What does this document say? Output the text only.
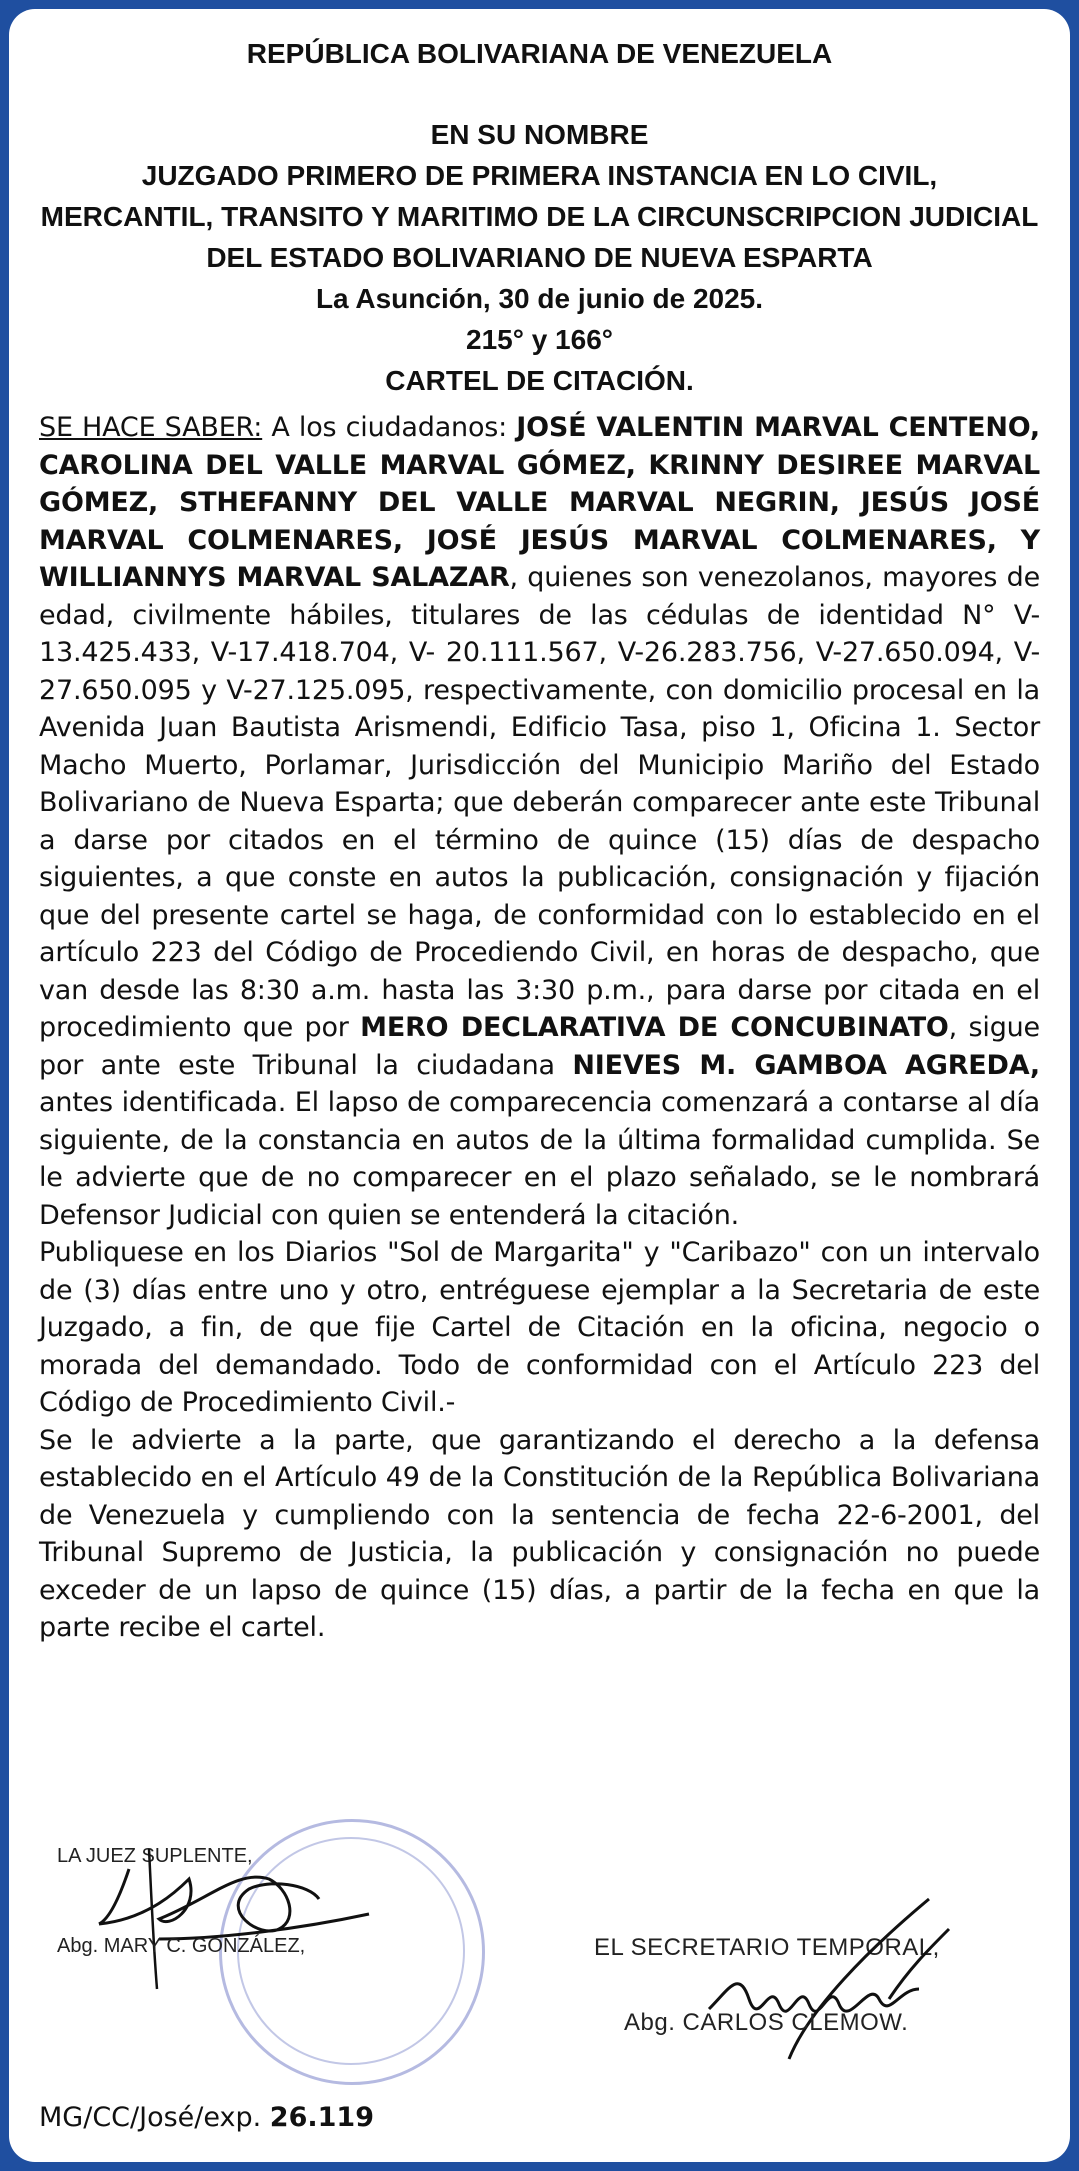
REPÚBLICA BOLIVARIANA DE VENEZUELA
EN SU NOMBRE
JUZGADO PRIMERO DE PRIMERA INSTANCIA EN LO CIVIL,
MERCANTIL, TRANSITO Y MARITIMO DE LA CIRCUNSCRIPCION JUDICIAL
DEL ESTADO BOLIVARIANO DE NUEVA ESPARTA
La Asunción, 30 de junio de 2025.
215° y 166°
CARTEL DE CITACIÓN.

SE HACE SABER: A los ciudadanos: JOSÉ VALENTIN MARVAL CENTENO, CAROLINA DEL VALLE MARVAL GÓMEZ, KRINNY DESIREE MARVAL GÓMEZ, STHEFANNY DEL VALLE MARVAL NEGRIN, JESÚS JOSÉ MARVAL COLMENARES, JOSÉ JESÚS MARVAL COLMENARES, Y WILLIANNYS MARVAL SALAZAR, quienes son venezolanos, mayores de edad, civilmente hábiles, titulares de las cédulas de identidad N° V-13.425.433, V-17.418.704, V- 20.111.567, V-26.283.756, V-27.650.094, V-27.650.095 y V-27.125.095, respectivamente, con domicilio procesal en la Avenida Juan Bautista Arismendi, Edificio Tasa, piso 1, Oficina 1. Sector Macho Muerto, Porlamar, Jurisdicción del Municipio Mariño del Estado Bolivariano de Nueva Esparta; que deberán comparecer ante este Tribunal a darse por citados en el término de quince (15) días de despacho siguientes, a que conste en autos la publicación, consignación y fijación que del presente cartel se haga, de conformidad con lo establecido en el artículo 223 del Código de Procediendo Civil, en horas de despacho, que van desde las 8:30 a.m. hasta las 3:30 p.m., para darse por citada en el procedimiento que por MERO DECLARATIVA DE CONCUBINATO, sigue por ante este Tribunal la ciudadana NIEVES M. GAMBOA AGREDA, antes identificada. El lapso de comparecencia comenzará a contarse al día siguiente, de la constancia en autos de la última formalidad cumplida. Se le advierte que de no comparecer en el plazo señalado, se le nombrará Defensor Judicial con quien se entenderá la citación.

Publiquese en los Diarios "Sol de Margarita" y "Caribazo" con un intervalo de (3) días entre uno y otro, entréguese ejemplar a la Secretaria de este Juzgado, a fin, de que fije Cartel de Citación en la oficina, negocio o morada del demandado. Todo de conformidad con el Artículo 223 del Código de Procedimiento Civil.-

Se le advierte a la parte, que garantizando el derecho a la defensa establecido en el Artículo 49 de la Constitución de la República Bolivariana de Venezuela y cumpliendo con la sentencia de fecha 22-6-2001, del Tribunal Supremo de Justicia, la publicación y consignación no puede exceder de un lapso de quince (15) días, a partir de la fecha en que la parte recibe el cartel.

LA JUEZ SUPLENTE,
Abg. MARY C. GONZÁLEZ,	EL SECRETARIO TEMPORAL,
Abg. CARLOS CLEMOW.
MG/CC/José/exp. 26.119
